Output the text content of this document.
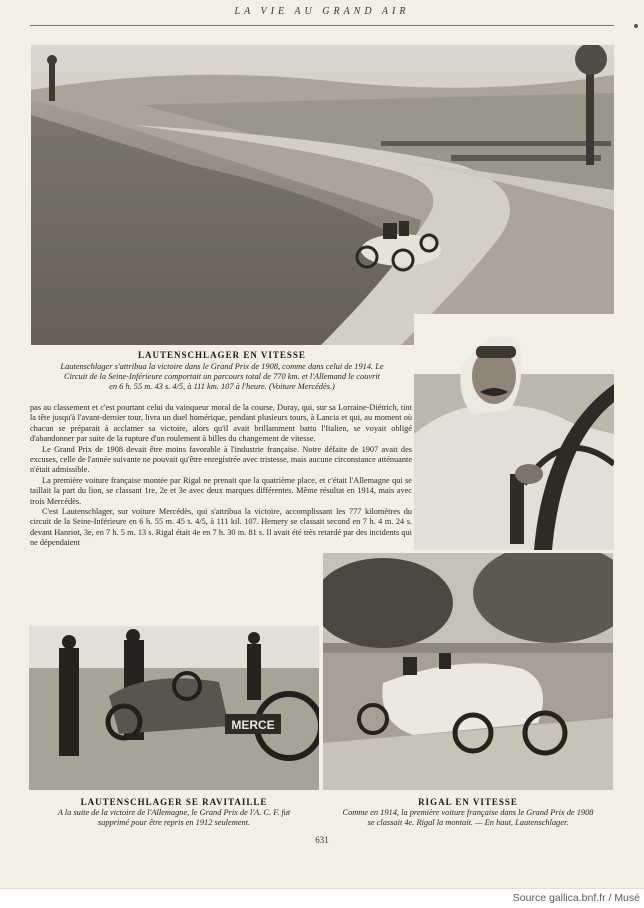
LA VIE AU GRAND AIR
LAUTENSCHLAGER EN VITESSE
Lautenschlager s'attribua la victoire dans le Grand Prix de 1908, comme dans celui de 1914. Le
Circuit de la Seine-Inférieure comportait un parcours total de 770 km. et l'Allemand le couvrit
en 6 h. 55 m. 43 s. 4/5, à 111 km. 107 à l'heure. (Voiture Mercédès.)

pas au classement et c'est pourtant celui du vainqueur moral de la course, Duray, qui, sur sa Lorraine-Diétrich, tint la tête jusqu'à l'avant-dernier tour, livra un duel homérique, pendant plusieurs tours, à Lancia et qui, au moment où chacun se préparait à acclamer sa victoire, alors qu'il avait brillamment battu l'Italien, se voyait obligé d'abandonner par suite de la rupture d'un roulement à billes du changement de vitesse.

Le Grand Prix de 1908 devait être moins favorable à l'industrie française. Notre défaite de 1907 avait des excuses, celle de l'année suivante ne pouvait qu'être enregistrée avec tristesse, mais aucune circonstance atténuante n'était admissible.

La première voiture française montée par Rigal ne prenait que la quatrième place, et c'était l'Allemagne qui se taillait la part du lion, se classant 1re, 2e et 3e avec deux marques différentes. Même résultat en 1914, mais avec trois Mercédès.

C'est Lautenschlager, sur voiture Mercédès, qui s'attribua la victoire, accomplissant les 777 kilomètres du circuit de la Seine-Inférieure en 6 h. 55 m. 45 s. 4/5, à 111 kil. 107. Hemery se classait second en 7 h. 4 m. 24 s. devant Hanriot, 3e, en 7 h. 5 m. 13 s. Rigal était 4e en 7 h. 30 m. 81 s. Il avait été très retardé par des incidents qui ne dépendaient

MERCE
LAUTENSCHLAGER SE RAVITAILLE
A la suite de la victoire de l'Allemagne, le Grand Prix de l'A. C. F. fut
supprimé pour être repris en 1912 seulement.
RIGAL EN VITESSE
Comme en 1914, la première voiture française dans le Grand Prix de 1908
se classait 4e. Rigal la montait. — En haut, Lautenschlager.
631
Source gallica.bnf.fr / Musé
